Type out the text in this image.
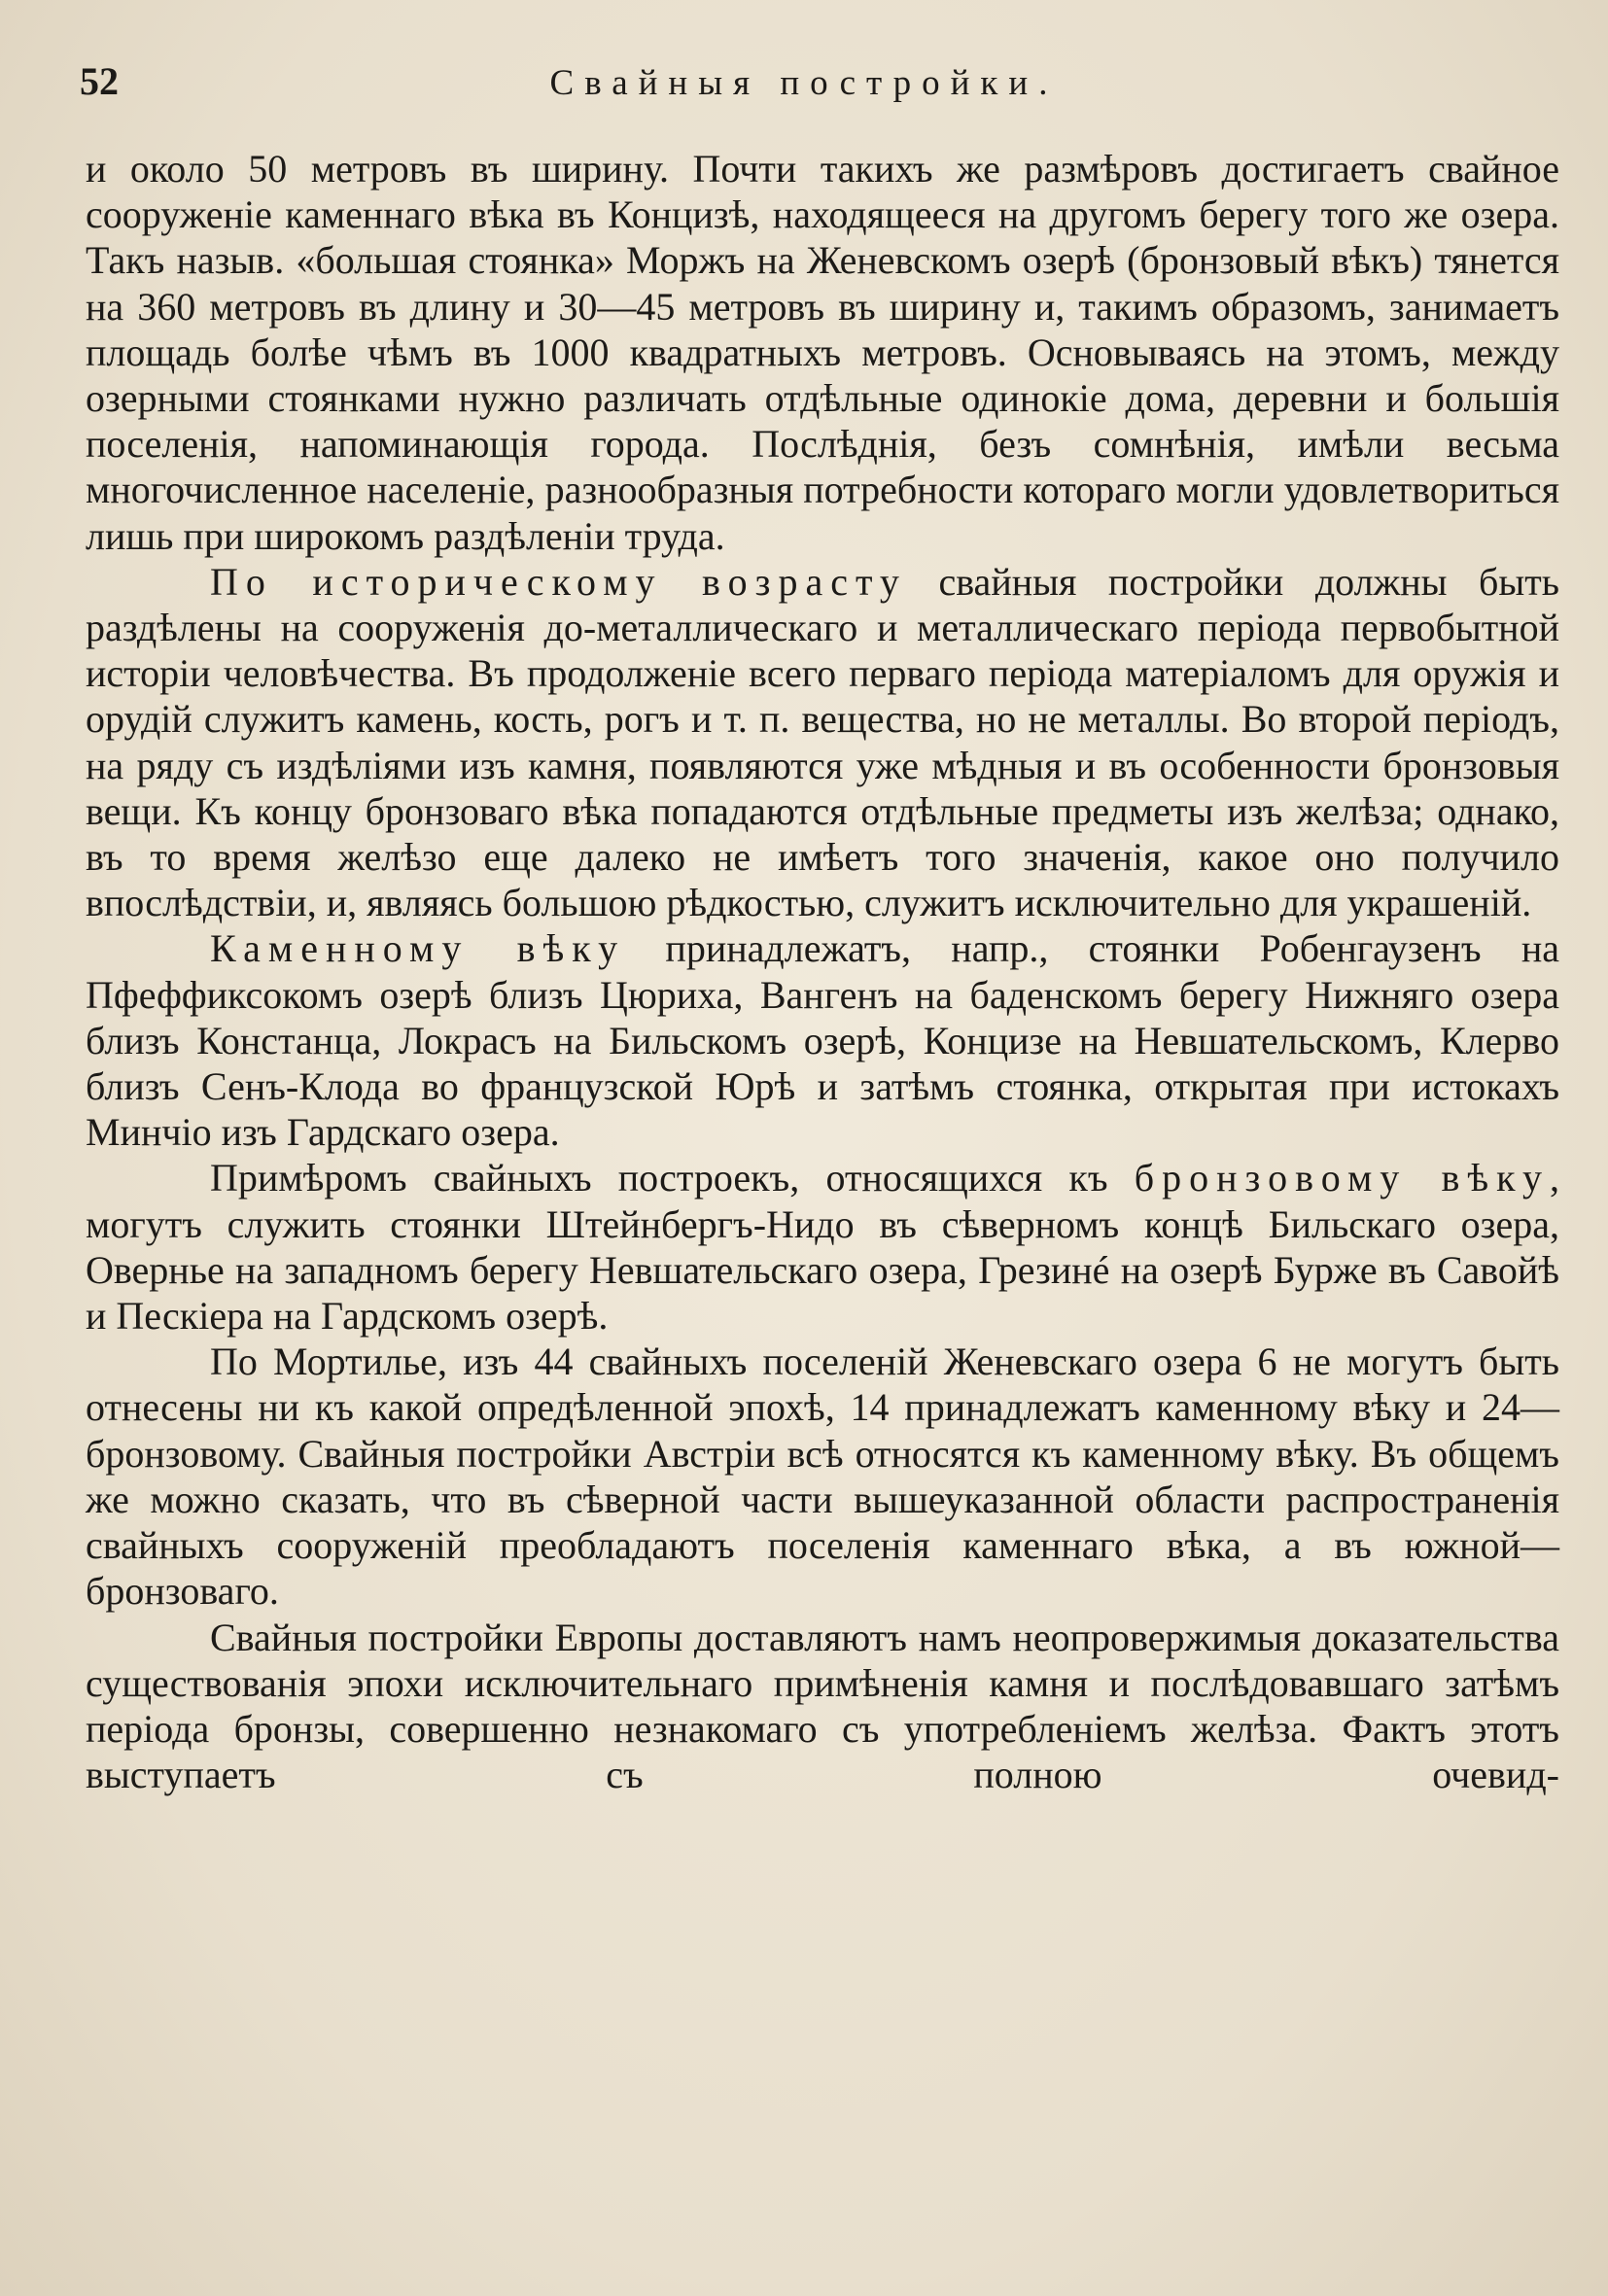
52	Свайныя постройки.

и около 50 метровъ въ ширину. Почти такихъ же размѣровъ достигаетъ свайное сооруженіе каменнаго вѣка въ Концизѣ, находящееся на другомъ берегу того же озера. Такъ назыв. «большая стоянка» Моржъ на Женевскомъ озерѣ (бронзовый вѣкъ) тянется на 360 метровъ въ длину и 30—45 метровъ въ ширину и, такимъ образомъ, занимаетъ площадь болѣе чѣмъ въ 1000 квадратныхъ метровъ. Основываясь на этомъ, между озерными стоянками нужно различать отдѣльные одинокіе дома, деревни и большія поселенія, напоминающія города. Послѣднія, безъ сомнѣнія, имѣли весьма многочисленное населеніе, разнообразныя потребности котораго могли удовлетвориться лишь при широкомъ раздѣленіи труда.

По историческому возрасту свайныя постройки должны быть раздѣлены на сооруженія до-металлическаго и металлическаго періода первобытной исторіи человѣчества. Въ продолженіе всего перваго періода матеріаломъ для оружія и орудій служитъ камень, кость, рогъ и т. п. вещества, но не металлы. Во второй періодъ, на ряду съ издѣліями изъ камня, появляются уже мѣдныя и въ особенности бронзовыя вещи. Къ концу бронзоваго вѣка попадаются отдѣльные предметы изъ желѣза; однако, въ то время желѣзо еще далеко не имѣетъ того значенія, какое оно получило впослѣдствіи, и, являясь большою рѣдкостью, служитъ исключительно для украшеній.

Каменному вѣку принадлежатъ, напр., стоянки Робенгаузенъ на Пфеффиксокомъ озерѣ близъ Цюриха, Вангенъ на баденскомъ берегу Нижняго озера близъ Констанца, Локрасъ на Бильскомъ озерѣ, Концизе на Невшательскомъ, Клерво близъ Сенъ-Клода во французской Юрѣ и затѣмъ стоянка, открытая при истокахъ Минчіо изъ Гардскаго озера.

Примѣромъ свайныхъ построекъ, относящихся къ бронзовому вѣку, могутъ служить стоянки Штейнбергъ-Нидо въ сѣверномъ концѣ Бильскаго озера, Овернье на западномъ берегу Невшательскаго озера, Грезинé на озерѣ Бурже въ Савойѣ и Пескіера на Гардскомъ озерѣ.

По Мортилье, изъ 44 свайныхъ поселеній Женевскаго озера 6 не могутъ быть отнесены ни къ какой опредѣленной эпохѣ, 14 принадлежатъ каменному вѣку и 24—бронзовому. Свайныя постройки Австріи всѣ относятся къ каменному вѣку. Въ общемъ же можно сказать, что въ сѣверной части вышеуказанной области распространенія свайныхъ сооруженій преобладаютъ поселенія каменнаго вѣка, а въ южной—бронзоваго.

Свайныя постройки Европы доставляютъ намъ неопровержимыя доказательства существованія эпохи исключительнаго примѣненія камня и послѣдовавшаго затѣмъ періода бронзы, совершенно незнакомаго съ употребленіемъ желѣза. Фактъ этотъ выступаетъ съ полною очевид-
